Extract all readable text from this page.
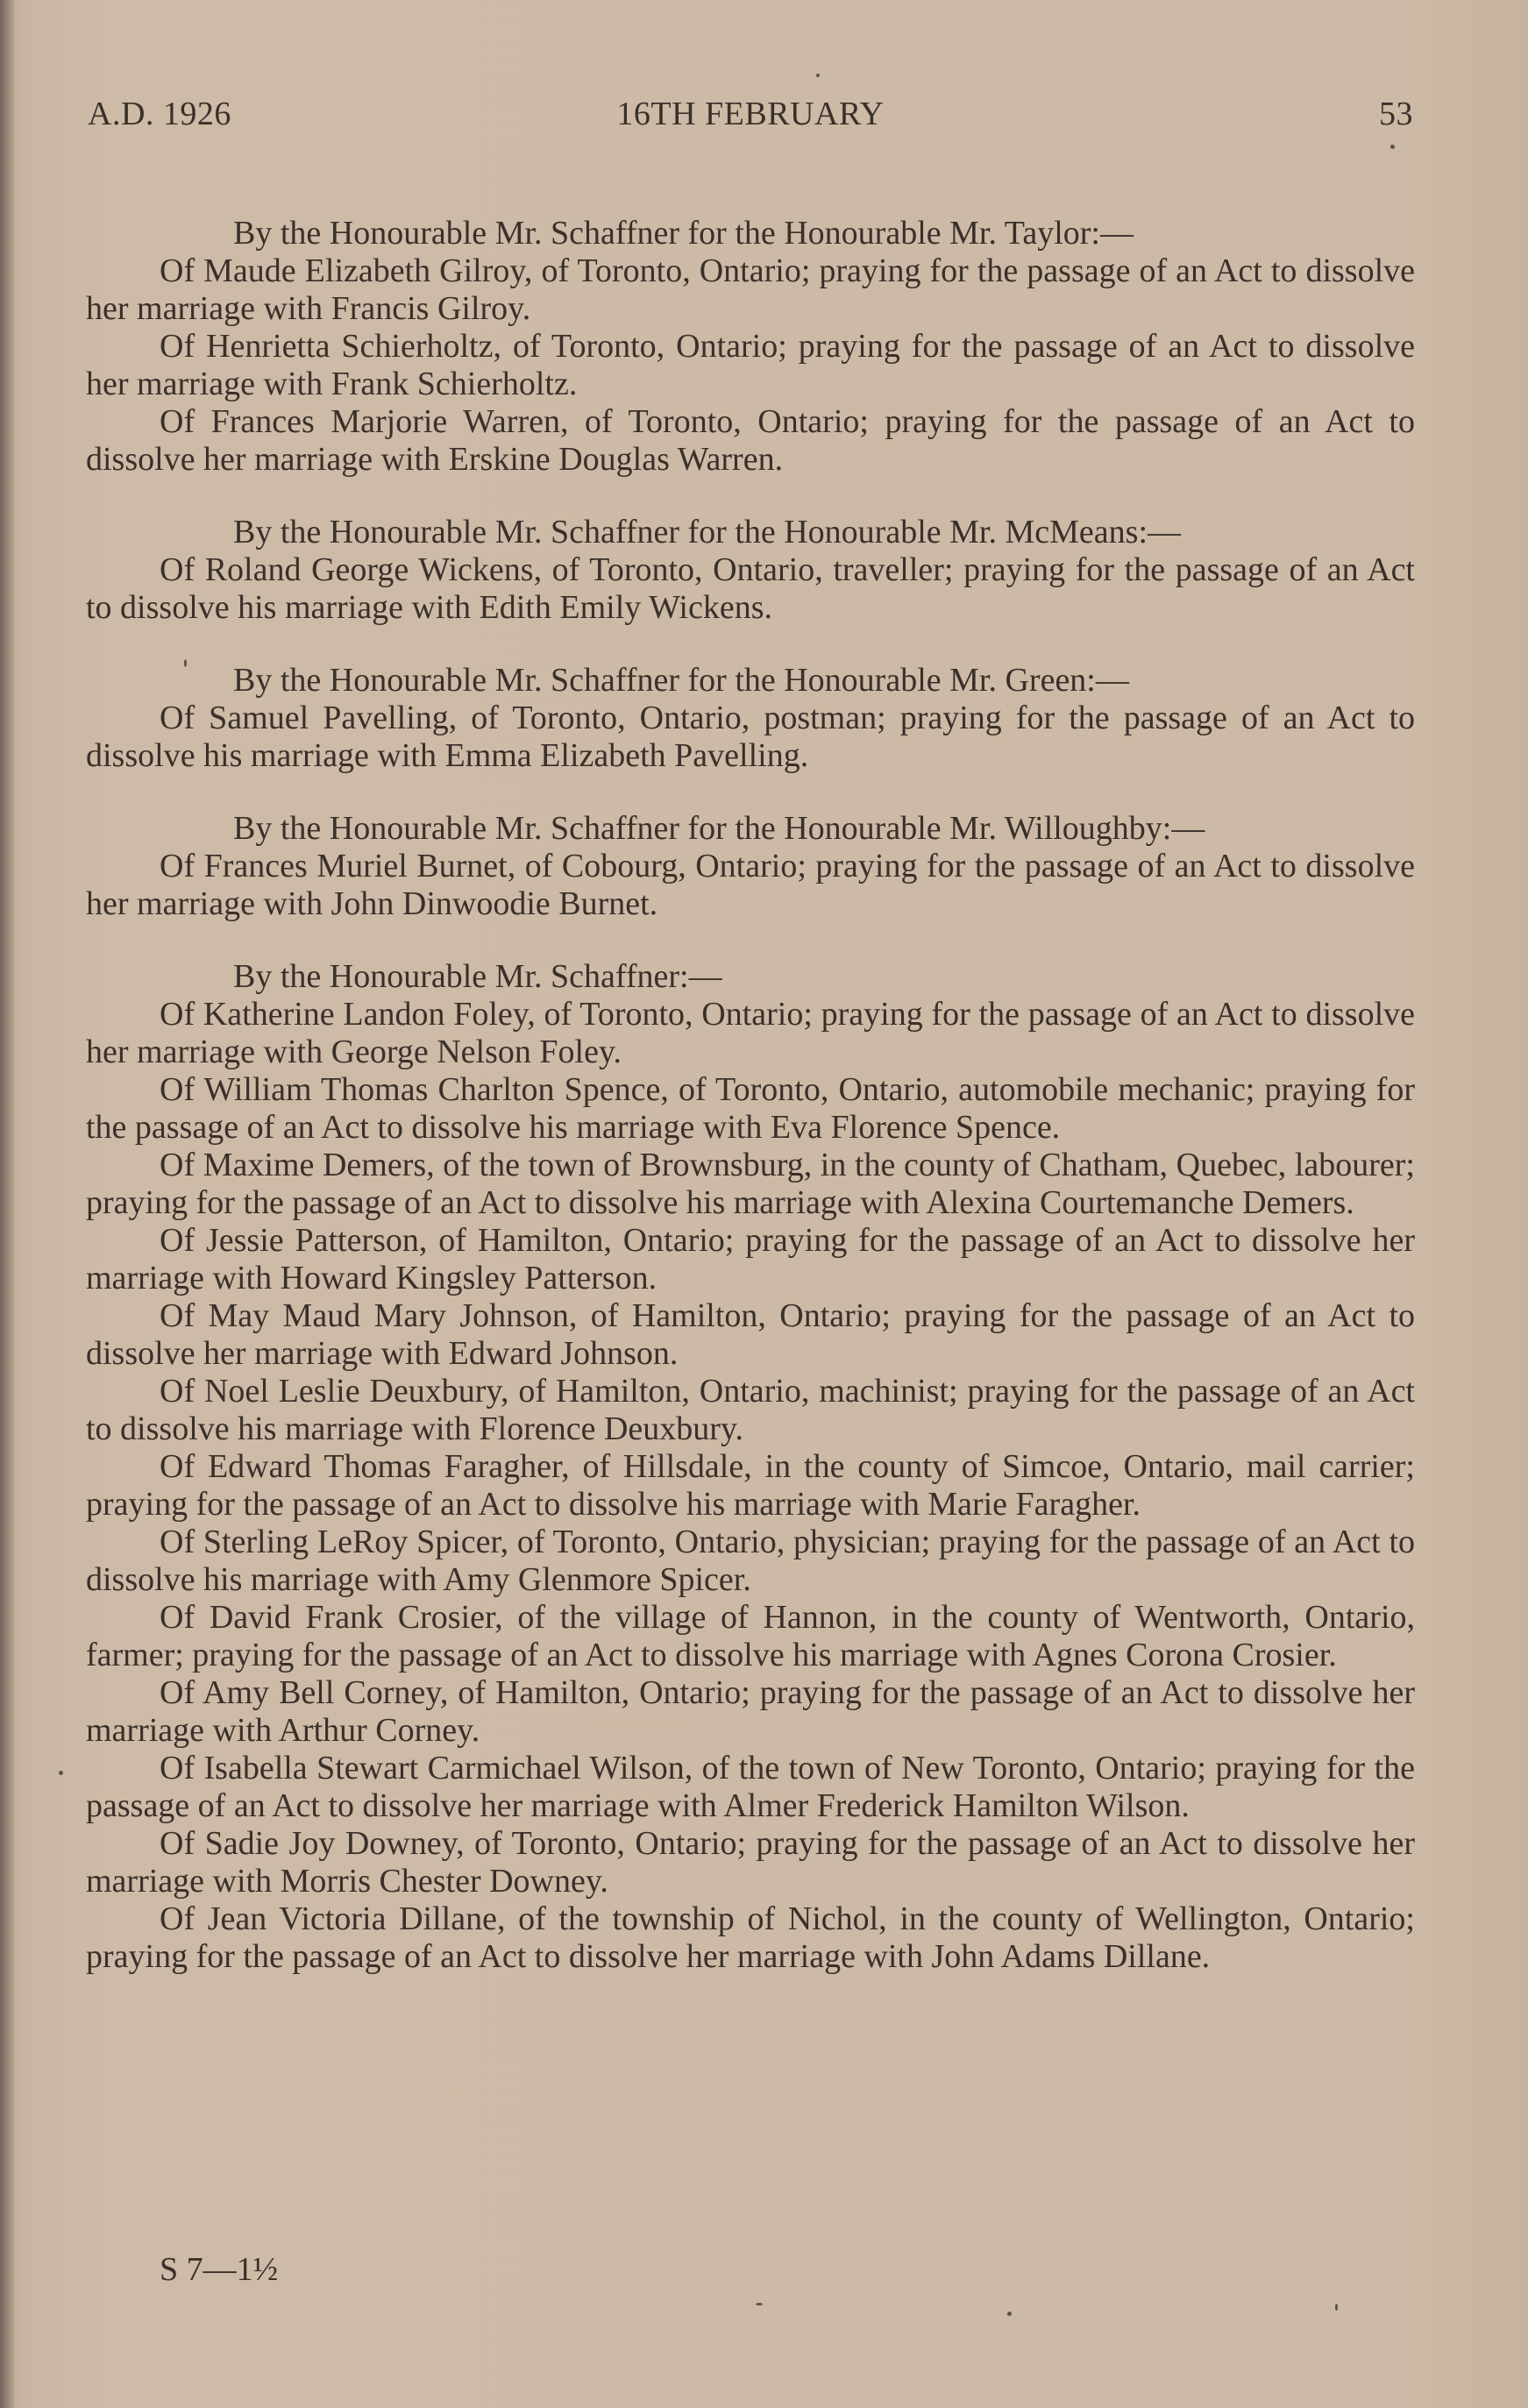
A.D. 1926	16TH FEBRUARY	53

By the Honourable Mr. Schaffner for the Honourable Mr. Taylor:—

Of Maude Elizabeth Gilroy, of Toronto, Ontario; praying for the passage of an Act to dissolve her marriage with Francis Gilroy.

Of Henrietta Schierholtz, of Toronto, Ontario; praying for the passage of an Act to dissolve her marriage with Frank Schierholtz.

Of Frances Marjorie Warren, of Toronto, Ontario; praying for the passage of an Act to dissolve her marriage with Erskine Douglas Warren.

By the Honourable Mr. Schaffner for the Honourable Mr. McMeans:—

Of Roland George Wickens, of Toronto, Ontario, traveller; praying for the passage of an Act to dissolve his marriage with Edith Emily Wickens.

By the Honourable Mr. Schaffner for the Honourable Mr. Green:—

Of Samuel Pavelling, of Toronto, Ontario, postman; praying for the passage of an Act to dissolve his marriage with Emma Elizabeth Pavelling.

By the Honourable Mr. Schaffner for the Honourable Mr. Willoughby:—

Of Frances Muriel Burnet, of Cobourg, Ontario; praying for the passage of an Act to dissolve her marriage with John Dinwoodie Burnet.

By the Honourable Mr. Schaffner:—

Of Katherine Landon Foley, of Toronto, Ontario; praying for the passage of an Act to dissolve her marriage with George Nelson Foley.

Of William Thomas Charlton Spence, of Toronto, Ontario, automobile mechanic; praying for the passage of an Act to dissolve his marriage with Eva Florence Spence.

Of Maxime Demers, of the town of Brownsburg, in the county of Chatham, Quebec, labourer; praying for the passage of an Act to dissolve his marriage with Alexina Courtemanche Demers.

Of Jessie Patterson, of Hamilton, Ontario; praying for the passage of an Act to dissolve her marriage with Howard Kingsley Patterson.

Of May Maud Mary Johnson, of Hamilton, Ontario; praying for the passage of an Act to dissolve her marriage with Edward Johnson.

Of Noel Leslie Deuxbury, of Hamilton, Ontario, machinist; praying for the passage of an Act to dissolve his marriage with Florence Deuxbury.

Of Edward Thomas Faragher, of Hillsdale, in the county of Simcoe, Ontario, mail carrier; praying for the passage of an Act to dissolve his marriage with Marie Faragher.

Of Sterling LeRoy Spicer, of Toronto, Ontario, physician; praying for the passage of an Act to dissolve his marriage with Amy Glenmore Spicer.

Of David Frank Crosier, of the village of Hannon, in the county of Wentworth, Ontario, farmer; praying for the passage of an Act to dissolve his marriage with Agnes Corona Crosier.

Of Amy Bell Corney, of Hamilton, Ontario; praying for the passage of an Act to dissolve her marriage with Arthur Corney.

Of Isabella Stewart Carmichael Wilson, of the town of New Toronto, Ontario; praying for the passage of an Act to dissolve her marriage with Almer Frederick Hamilton Wilson.

Of Sadie Joy Downey, of Toronto, Ontario; praying for the passage of an Act to dissolve her marriage with Morris Chester Downey.

Of Jean Victoria Dillane, of the township of Nichol, in the county of Wellington, Ontario; praying for the passage of an Act to dissolve her marriage with John Adams Dillane.

S 7—1½
